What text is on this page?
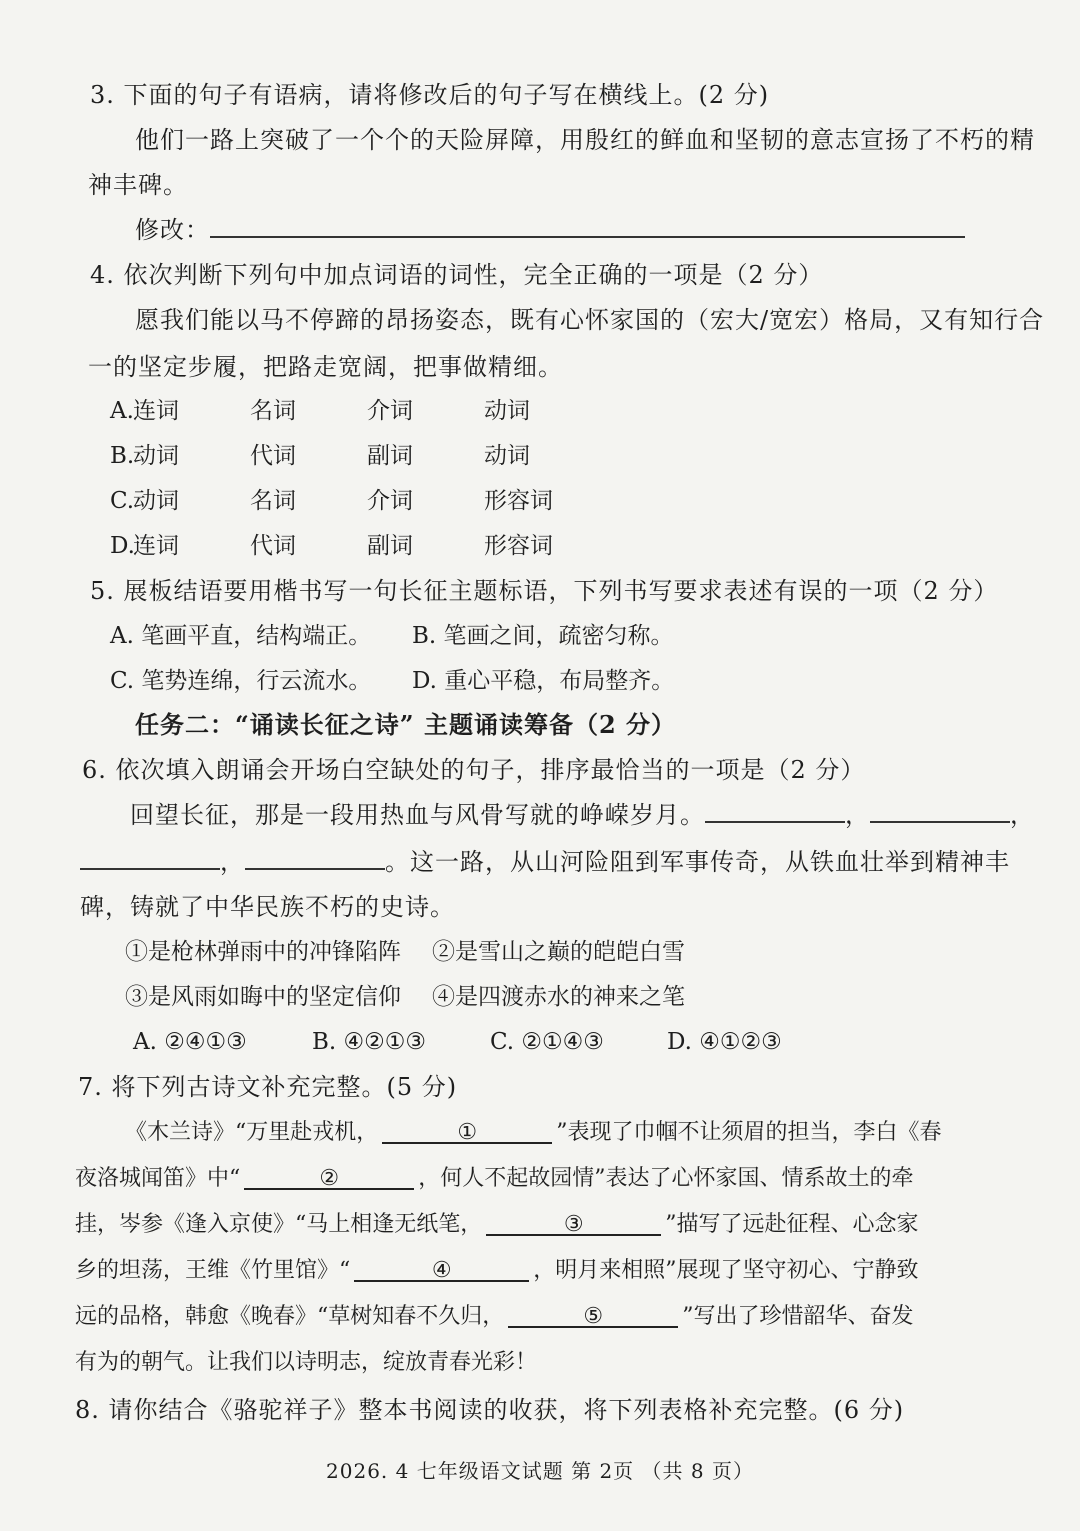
3. 下面的句子有语病，请将修改后的句子写在横线上。(2 分)
他们一路上突破了一个个的天险屏障，用殷红的鲜血和坚韧的意志宣扬了不朽的精
神丰碑。
修改：
4. 依次判断下列句中加点词语的词性，完全正确的一项是（2 分）
愿我们能以马不停蹄的昂扬姿态，既有心怀家国的（宏大/宽宏）格局，又有知行合
一的坚定步履，把路走宽阔，把事做精细。
A. 连词	名词	介词	动词
B.
动词	代词	副词	动词
C.
动词	名词	介词	形容词
D.
连词	代词	副词	形容词
5. 展板结语要用楷书写一句长征主题标语，下列书写要求表述有误的一项（2 分）
A. 笔画平直，结构端正。 B. 笔画之间，疏密匀称。
C. 笔势连绵，行云流水。 D. 重心平稳，布局整齐。
任务二：“诵读长征之诗” 主题诵读筹备（2 分）
6. 依次填入朗诵会开场白空缺处的句子，排序最恰当的一项是（2 分）
回望长征，那是一段用热血与风骨写就的峥嵘岁月。	，	，
，	。这一路，从山河险阻到军事传奇，从铁血壮举到精神丰
碑，铸就了中华民族不朽的史诗。
①是枪林弹雨中的冲锋陷阵 ②是雪山之巅的皑皑白雪
③是风雨如晦中的坚定信仰 ④是四渡赤水的神来之笔
A. ②④①③	B. ④②①③	C. ②①④③	D. ④①②③
7. 将下列古诗文补充完整。(5 分)
《木兰诗》“万里赴戎机，	①	”表现了巾帼不让须眉的担当，李白《春
夜洛城闻笛》中“	②	，何人不起故园情”表达了心怀家国、情系故土的牵
挂，岑参《逢入京使》“马上相逢无纸笔，	③	”描写了远赴征程、心念家
乡的坦荡，王维《竹里馆》“	④	，明月来相照”展现了坚守初心、宁静致
远的品格，韩愈《晚春》“草树知春不久归，	⑤	”写出了珍惜韶华、奋发
有为的朝气。让我们以诗明志，绽放青春光彩！
8. 请你结合《骆驼祥子》整本书阅读的收获，将下列表格补充完整。(6 分)
2026. 4 七年级语文试题 第 2页 （共 8 页）
